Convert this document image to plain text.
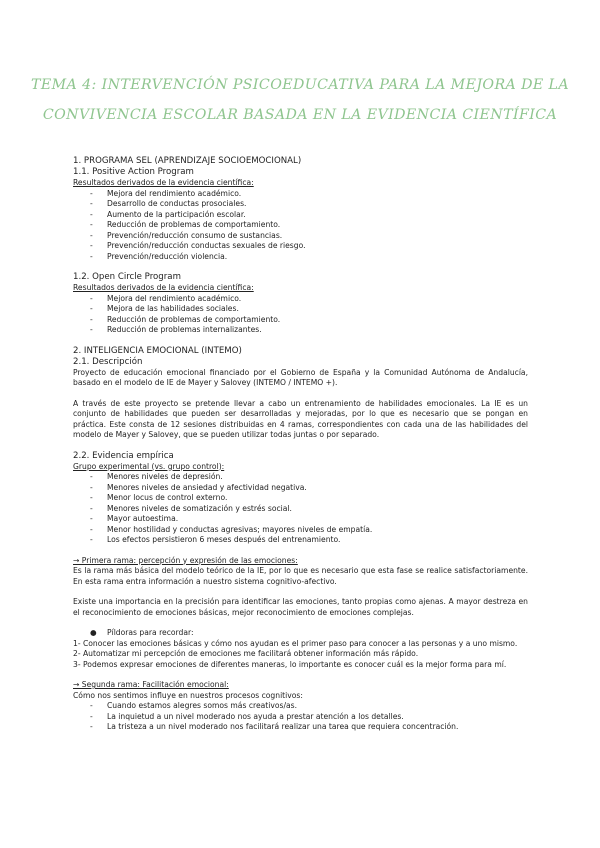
TEMA 4: INTERVENCIÓN PSICOEDUCATIVA PARA LA MEJORA DE LA
CONVIVENCIA ESCOLAR BASADA EN LA EVIDENCIA CIENTÍFICA
1. PROGRAMA SEL (APRENDIZAJE SOCIOEMOCIONAL)
1.1. Positive Action Program
Resultados derivados de la evidencia científica:
- Mejora del rendimiento académico.
- Desarrollo de conductas prosociales.
- Aumento de la participación escolar.
- Reducción de problemas de comportamiento.
- Prevención/reducción consumo de sustancias.
- Prevención/reducción conductas sexuales de riesgo.
- Prevención/reducción violencia.
1.2. Open Circle Program
Resultados derivados de la evidencia científica:
- Mejora del rendimiento académico.
- Mejora de las habilidades sociales.
- Reducción de problemas de comportamiento.
- Reducción de problemas internalizantes.
2. INTELIGENCIA EMOCIONAL (INTEMO)
2.1. Descripción

Proyecto de educación emocional financiado por el Gobierno de España y la Comunidad Autónoma de Andalucía, basado en el modelo de IE de Mayer y Salovey (INTEMO / INTEMO +).

A través de este proyecto se pretende llevar a cabo un entrenamiento de habilidades emocionales. La IE es un conjunto de habilidades que pueden ser desarrolladas y mejoradas, por lo que es necesario que se pongan en práctica. Este consta de 12 sesiones distribuidas en 4 ramas, correspondientes con cada una de las habilidades del modelo de Mayer y Salovey, que se pueden utilizar todas juntas o por separado.

2.2. Evidencia empírica
Grupo experimental (vs. grupo control):
- Menores niveles de depresión.
- Menores niveles de ansiedad y afectividad negativa.
- Menor locus de control externo.
- Menores niveles de somatización y estrés social.
- Mayor autoestima.
- Menor hostilidad y conductas agresivas; mayores niveles de empatía.
- Los efectos persistieron 6 meses después del entrenamiento.
→ Primera rama: percepción y expresión de las emociones:

Es la rama más básica del modelo teórico de la IE, por lo que es necesario que esta fase se realice satisfactoriamente. En esta rama entra información a nuestro sistema cognitivo-afectivo.

Existe una importancia en la precisión para identificar las emociones, tanto propias como ajenas. A mayor destreza en el reconocimiento de emociones básicas, mejor reconocimiento de emociones complejas.

● Píldoras para recordar:

1- Conocer las emociones básicas y cómo nos ayudan es el primer paso para conocer a las personas y a uno mismo.

2- Automatizar mi percepción de emociones me facilitará obtener información más rápido.

3- Podemos expresar emociones de diferentes maneras, lo importante es conocer cuál es la mejor forma para mí.

→ Segunda rama: Facilitación emocional:
Cómo nos sentimos influye en nuestros procesos cognitivos:
- Cuando estamos alegres somos más creativos/as.
- La inquietud a un nivel moderado nos ayuda a prestar atención a los detalles.
- La tristeza a un nivel moderado nos facilitará realizar una tarea que requiera concentración.
